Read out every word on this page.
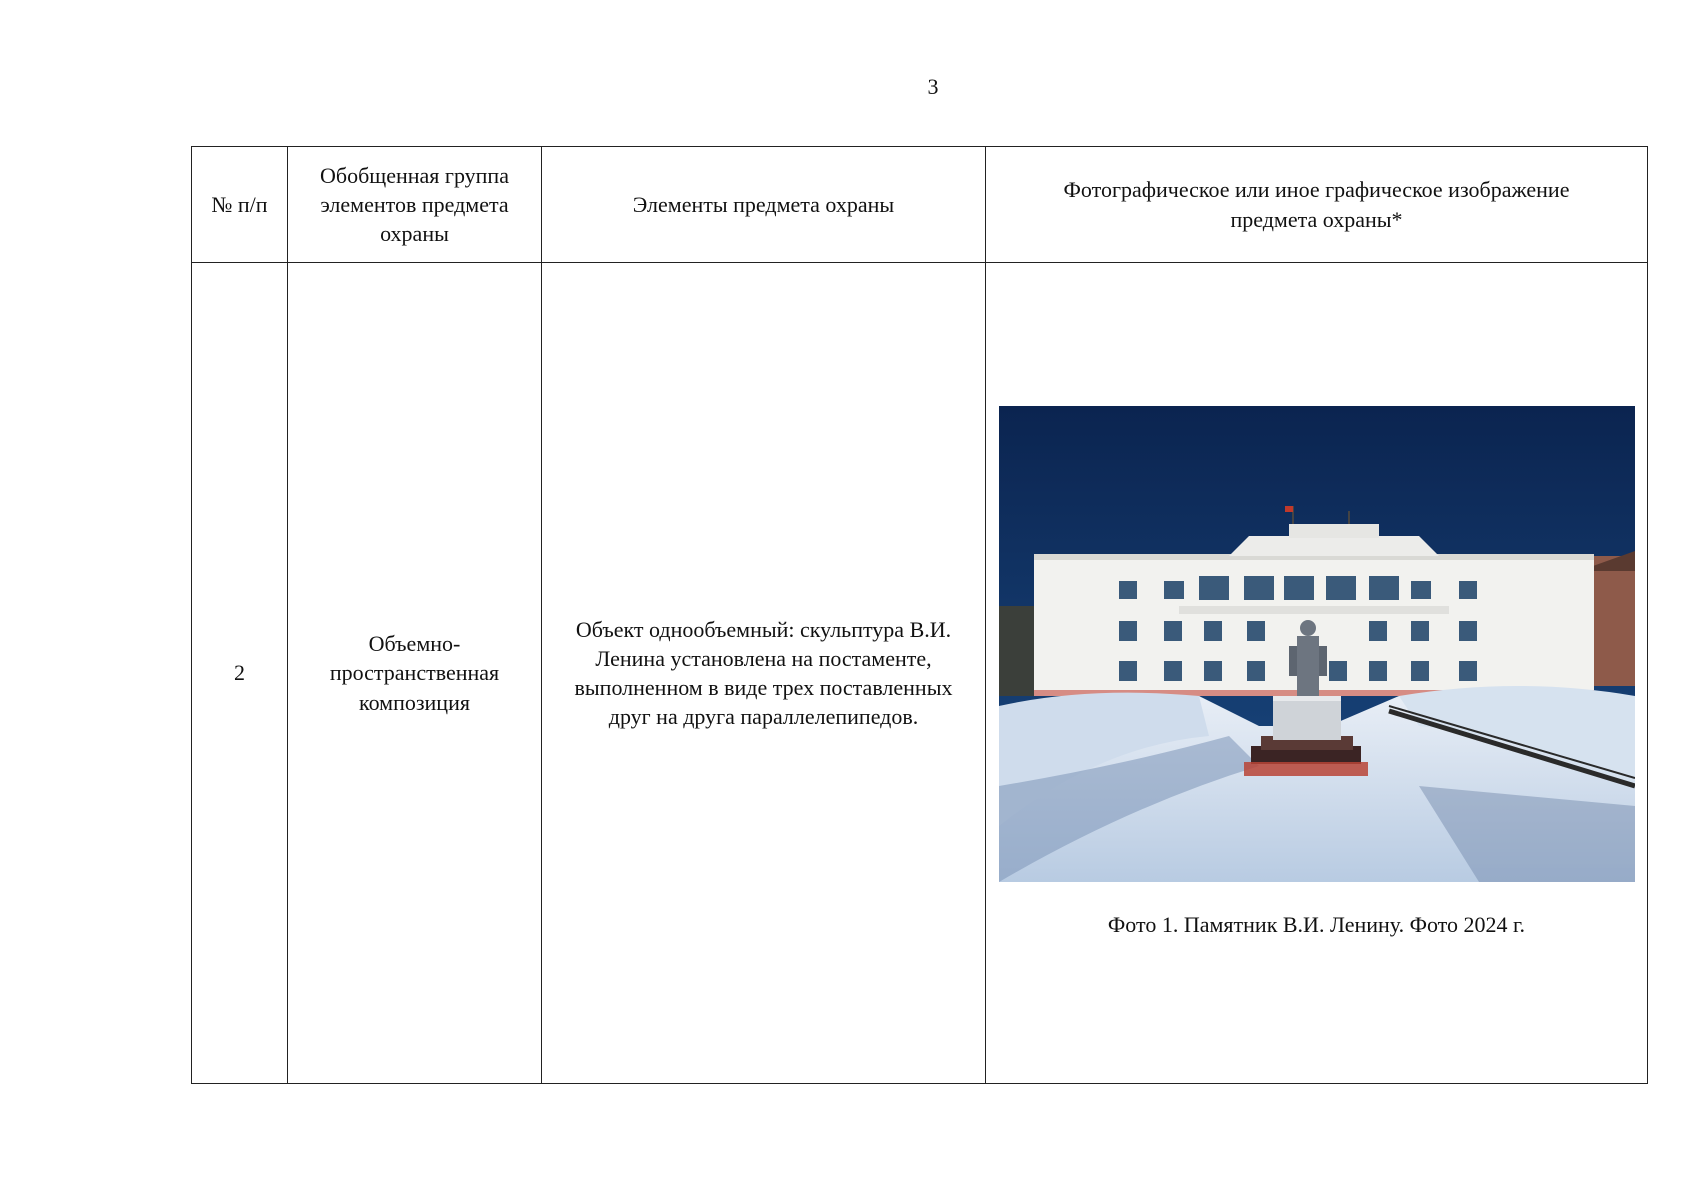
3
№ п/п	Обобщенная группа элементов предмета охраны	Элементы предмета охраны	Фотографическое или иное графическое изображение предмета охраны*
2	Объемно-пространственная композиция	Объект однообъемный: скульптура В.И. Ленина установлена на постаменте, выполненном в виде трех поставленных друг на друга параллелепипедов.	Фото 1. Памятник В.И. Ленину. Фото 2024 г.
